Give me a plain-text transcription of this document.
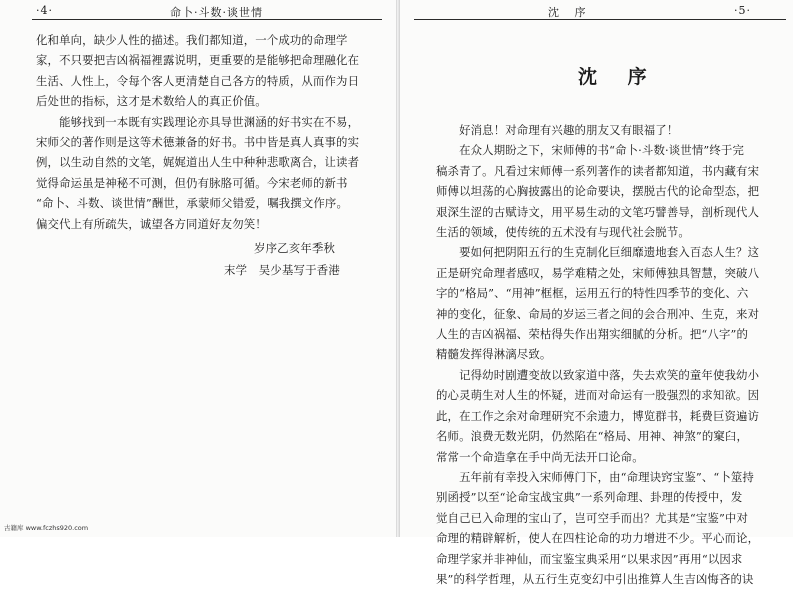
·4·	命卜·斗数·谈世情

化和单向，缺少人性的描述。我们都知道，一个成功的命理学
家，不只要把吉凶祸福裡露说明，更重要的是能够把命理融化在
生活、人性上，令每个客人更清楚自己各方的特质，从而作为日
后处世的指标，这才是术数给人的真正价值。

　　能够找到一本既有实践理论亦具导世渊涵的好书实在不易，
宋师父的著作则是这等术德兼备的好书。书中皆是真人真事的实
例，以生动自然的文笔，娓娓道出人生中种种悲歌离合，让读者
觉得命运虽是神秘不可测，但仍有脉胳可循。今宋老师的新书
“命卜、斗数、谈世情”酬世，承蒙师父错爱，嘱我撰文作序。
偏交代上有所疏失，诚望各方同道好友勿笑！

岁序乙亥年季秋
末学　吴少基写于香港
沈 序	·5·
沈 序

　　好消息！对命理有兴趣的朋友又有眼福了！

　　在众人期盼之下，宋师傅的书“命卜·斗数·谈世情”终于完
稿杀青了。凡看过宋师傅一系列著作的读者都知道，书内藏有宋
师傅以坦荡的心胸披露出的论命要诀，摆脱古代的论命型态，把
艰深生涩的古赋诗文，用平易生动的文笔巧譬善导，剖析现代人
生活的领域，使传统的五术没有与现代社会脱节。

　　要如何把阴阳五行的生克制化巨细靡遗地套入百态人生？这
正是研究命理者感叹，易学难精之处，宋师傅独具智慧，突破八
字的“格局”、“用神”框框，运用五行的特性四季节的变化、六
神的变化，征象、命局的岁运三者之间的会合刑冲、生克，来对
人生的吉凶祸福、荣枯得失作出翔实细腻的分析。把“八字”的
精髓发挥得淋漓尽致。

　　记得幼时剧遭变故以致家道中落，失去欢笑的童年使我幼小
的心灵萌生对人生的怀疑，进而对命运有一股强烈的求知欲。因
此，在工作之余对命理研究不余遗力，博览群书，耗费巨资遍访
名师。浪费无数光阴，仍然陷在“格局、用神、神煞”的窠臼，
常常一个命造拿在手中尚无法开口论命。

　　五年前有幸投入宋师傅门下，由“命理诀窍宝鉴”、“卜筮持
别函授”以至“论命宝战宝典”一系列命理、卦理的传授中，发
觉自己已入命理的宝山了，岂可空手而出？尤其是“宝鉴”中对
命理的精辟解析，使人在四柱论命的功力增进不少。平心而论，
命理学家并非神仙，而宝鉴宝典采用“以果求因”再用“以因求
果”的科学哲理，从五行生克变幻中引出推算人生吉凶悔吝的诀

古籍库 www.fczhs920.com
